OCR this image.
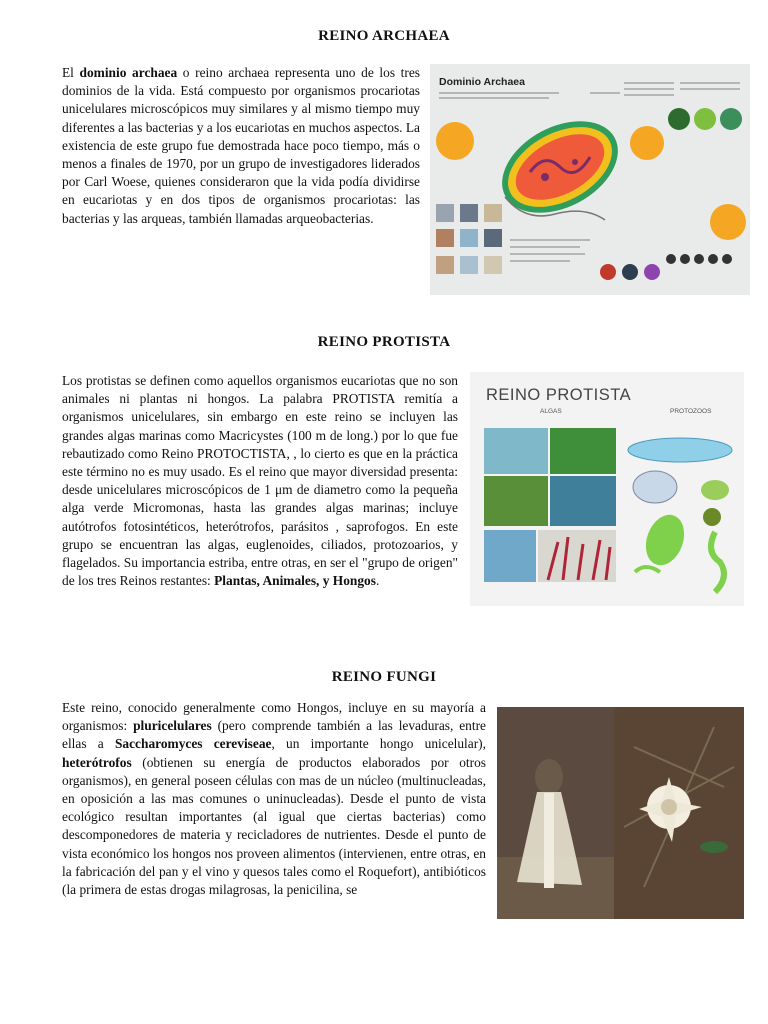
REINO ARCHAEA

El dominio archaea o reino archaea representa uno de los tres dominios de la vida. Está compuesto por organismos procariotas unicelulares microscópicos muy similares y al mismo tiempo muy diferentes a las bacterias y a los eucariotas en muchos aspectos. La existencia de este grupo fue demostrada hace poco tiempo, más o menos a finales de 1970, por un grupo de investigadores liderados por Carl Woese, quienes consideraron que la vida podía dividirse en eucariotas y en dos tipos de organismos procariotas: las bacterias y las arqueas, también llamadas arqueobacterias.

Dominio Archaea
REINO PROTISTA

Los protistas se definen como aquellos organismos eucariotas que no son animales ni plantas ni hongos. La palabra PROTISTA remitía a organismos unicelulares, sin embargo en este reino se incluyen las grandes algas marinas como Macricystes (100 m de long.) por lo que fue rebautizado como Reino PROTOCTISTA, , lo cierto es que en la práctica este término no es muy usado. Es el reino que mayor diversidad presenta: desde unicelulares microscópicos de 1 μm de diametro como la pequeña alga verde Micromonas, hasta las grandes algas marinas; incluye autótrofos fotosintéticos, heterótrofos, parásitos , saprofogos. En este grupo se encuentran las algas, euglenoides, ciliados, protozoarios, y flagelados. Su importancia estriba, entre otras, en ser el "grupo de origen" de los tres Reinos restantes: Plantas, Animales, y Hongos.

REINO PROTISTA
ALGAS	PROTOZOOS
REINO FUNGI

Este reino, conocido generalmente como Hongos, incluye en su mayoría a organismos: pluricelulares (pero comprende también a las levaduras, entre ellas a Saccharomyces cereviseae, un importante hongo unicelular), heterótrofos (obtienen su energía de productos elaborados por otros organismos), en general poseen células con mas de un núcleo (multinucleadas, en oposición a las mas comunes o uninucleadas). Desde el punto de vista ecológico resultan importantes (al igual que ciertas bacterias) como descomponedores de materia y recicladores de nutrientes. Desde el punto de vista económico los hongos nos proveen alimentos (intervienen, entre otras, en la fabricación del pan y el vino y quesos tales como el Roquefort), antibióticos (la primera de estas drogas milagrosas, la penicilina, se
